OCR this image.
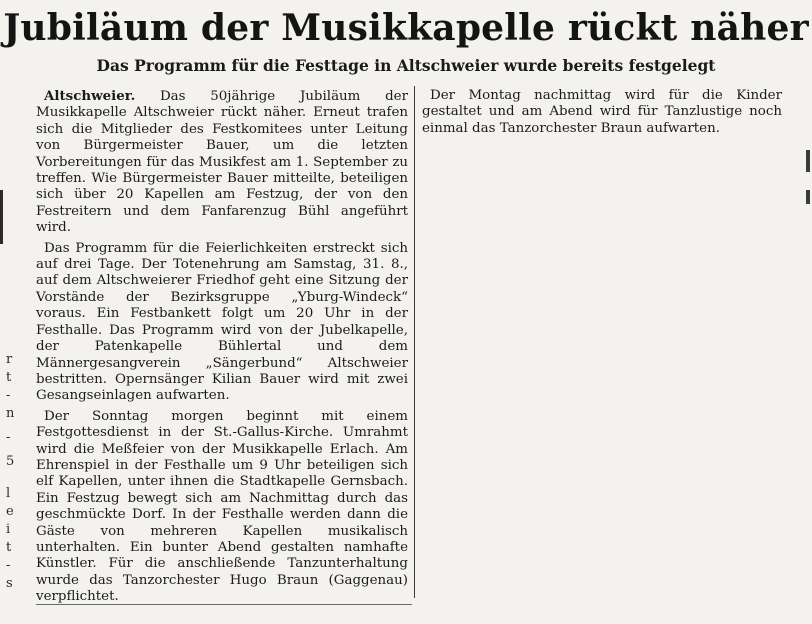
r
t
-
n
-
5
l
e
i
t
-
s
Jubiläum der Musikkapelle rückt näher
Das Programm für die Festtage in Altschweier wurde bereits festgelegt

Altschweier. Das 50jährige Jubiläum der Musikkapelle Altschweier rückt näher. Erneut trafen sich die Mitglieder des Festkomitees unter Leitung von Bürgermeister Bauer, um die letzten Vorbereitungen für das Musikfest am 1. September zu treffen. Wie Bürgermeister Bauer mitteilte, beteiligen sich über 20 Kapellen am Festzug, der von den Festreitern und dem Fanfarenzug Bühl angeführt wird.

Das Programm für die Feierlichkeiten erstreckt sich auf drei Tage. Der Totenehrung am Samstag, 31. 8., auf dem Altschweierer Friedhof geht eine Sitzung der Vorstände der Bezirksgruppe „Yburg-Windeck“ voraus. Ein Festbankett folgt um 20 Uhr in der Festhalle. Das Programm wird von der Jubelkapelle, der Patenkapelle Bühlertal und dem Männergesangverein „Sängerbund“ Altschweier bestritten. Opernsänger Kilian Bauer wird mit zwei Gesangseinlagen aufwarten.

Der Sonntag morgen beginnt mit einem Festgottesdienst in der St.-Gallus-Kirche. Umrahmt wird die Meßfeier von der Musikkapelle Erlach. Am Ehrenspiel in der Festhalle um 9 Uhr beteiligen sich elf Kapellen, unter ihnen die Stadtkapelle Gernsbach. Ein Festzug bewegt sich am Nachmittag durch das geschmückte Dorf. In der Festhalle werden dann die Gäste von mehreren Kapellen musikalisch unterhalten. Ein bunter Abend gestalten namhafte Künstler. Für die anschließende Tanzunterhaltung wurde das Tanzorchester Hugo Braun (Gaggenau) verpflichtet.

Der Montag nachmittag wird für die Kinder gestaltet und am Abend wird für Tanzlustige noch einmal das Tanzorchester Braun aufwarten.
